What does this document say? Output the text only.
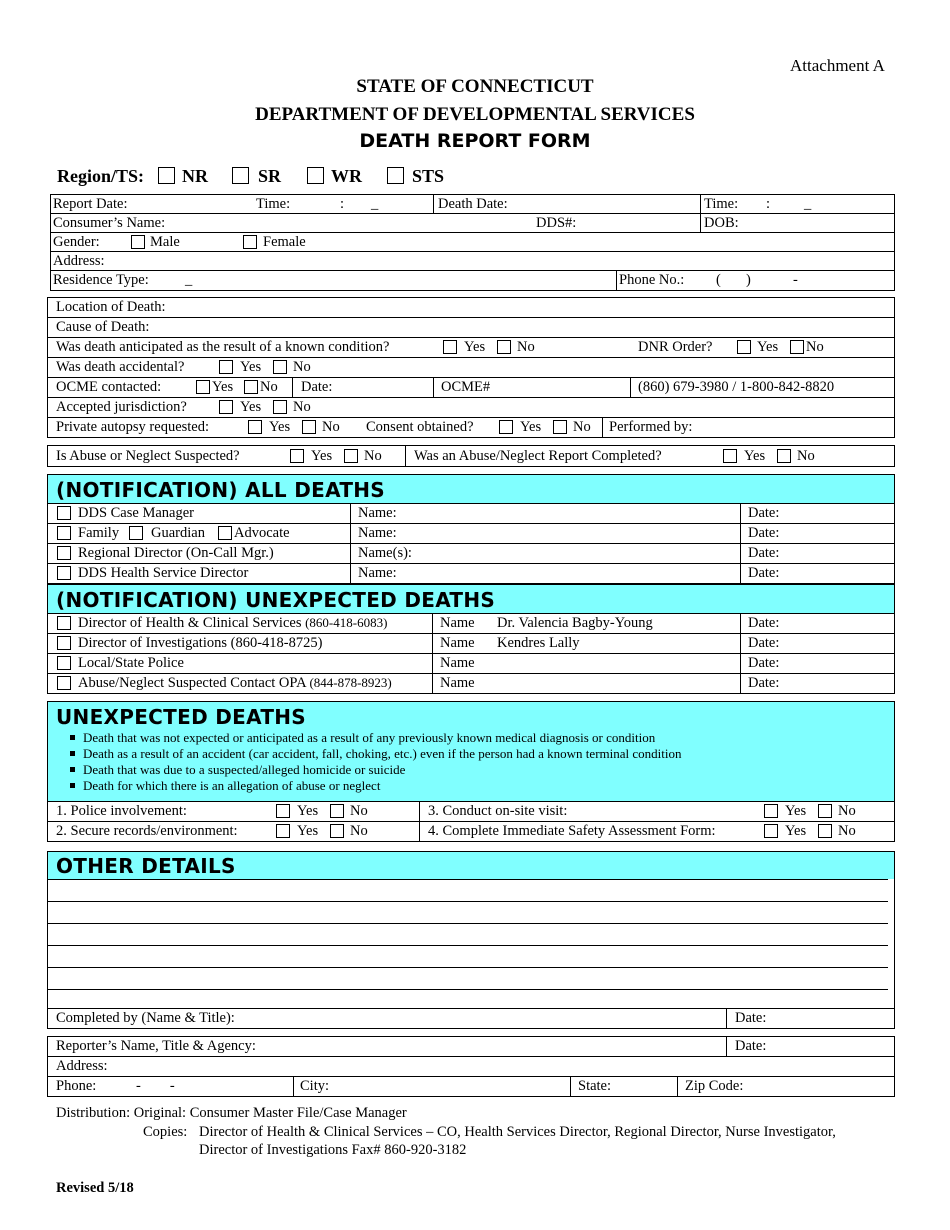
Attachment A
STATE OF CONNECTICUT
DEPARTMENT OF DEVELOPMENTAL SERVICES
DEATH REPORT FORM
Region/TS: NR	SR	WR	STS
Report Date:	Time:	: _	Death Date:	Time: : _
Consumer’s Name:	DDS#:	DOB:
Gender:	Male	Female
Address:
Residence Type: _	Phone No.: ( )	-
Location of Death:
Cause of Death:
Was death anticipated as the result of a known condition?	Yes No	DNR Order?	Yes No
Was death accidental?	Yes No
OCME contacted:	Yes No Date:	OCME#	(860) 679-3980 / 1-800-842-8820
Accepted jurisdiction?	Yes No
Private autopsy requested:	Yes No Consent obtained?	Yes No Performed by:
Is Abuse or Neglect Suspected?	Yes No Was an Abuse/Neglect Report Completed?	Yes No
(NOTIFICATION) ALL DEATHS
DDS Case Manager	Name:	Date:
Family Guardian Advocate	Name:	Date:
Regional Director (On-Call Mgr.)	Name(s):	Date:
DDS Health Service Director	Name:	Date:
(NOTIFICATION) UNEXPECTED DEATHS
Director of Health & Clinical Services (860-418-6083)	Name Dr. Valencia Bagby-Young	Date:
Director of Investigations (860-418-8725)	Name Kendres Lally	Date:
Local/State Police	Name	Date:
Abuse/Neglect Suspected Contact OPA (844-878-8923)	Name	Date:
UNEXPECTED DEATHS
Death that was not expected or anticipated as a result of any previously known medical diagnosis or condition
Death as a result of an accident (car accident, fall, choking, etc.) even if the person had a known terminal condition
Death that was due to a suspected/alleged homicide or suicide
Death for which there is an allegation of abuse or neglect
1. Police involvement:	Yes No	3. Conduct on-site visit:	Yes No
2. Secure records/environment:	Yes No	4. Complete Immediate Safety Assessment Form:	Yes No
OTHER DETAILS
Completed by (Name & Title):	Date:
Reporter’s Name, Title & Agency:	Date:
Address:
Phone:	-        -	City:	State:	Zip Code:
Distribution: Original: Consumer Master File/Case Manager
Copies: Director of Health & Clinical Services – CO, Health Services Director, Regional Director, Nurse Investigator,
Director of Investigations Fax# 860-920-3182
Revised 5/18
